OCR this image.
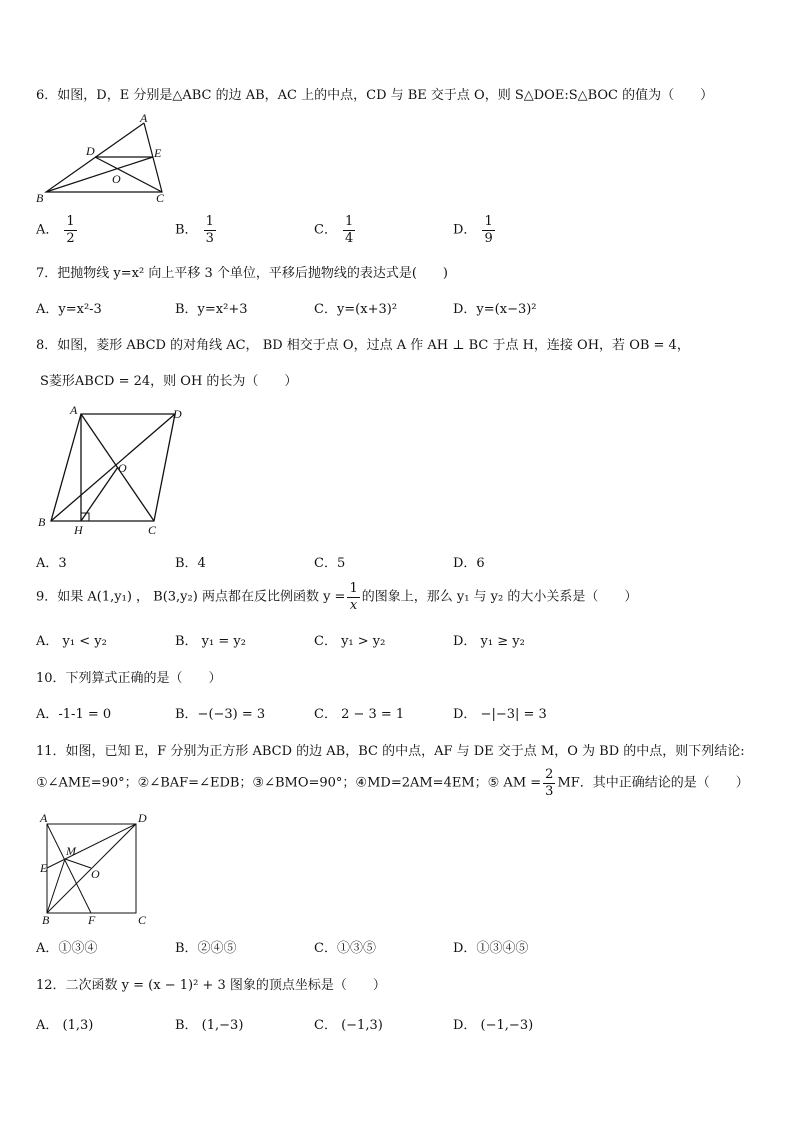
6．如图，D，E 分别是△ABC 的边 AB，AC 上的中点，CD 与 BE 交于点 O，则 S△DOE:S△BOC 的值为（　　）
A
D	E
O
B	C
A． $\frac{1}{2}$	B． $\frac{1}{3}$	C． $\frac{1}{4}$	D． $\frac{1}{9}$
7．把抛物线 y=x² 向上平移 3 个单位，平移后抛物线的表达式是(　　)
A．y=x²-3	B．y=x²+3	C．y=(x+3)²	D．y=(x−3)²
8．如图，菱形 ABCD 的对角线 AC， BD 相交于点 O，过点 A 作 AH ⊥ BC 于点 H，连接 OH，若 OB = 4，
S菱形ABCD = 24，则 OH 的长为（　　）
A	D
O
B
H	C
A．3	B．4	C．5	D．6
9．如果 A(1,y₁) ， B(3,y₂) 两点都在反比例函数 $y = \frac{1}{x}$ 的图象上，那么 y₁ 与 y₂ 的大小关系是（　　）
A． y₁ < y₂	B． y₁ = y₂	C． y₁ > y₂	D． y₁ ≥ y₂
10．下列算式正确的是（　　）
A．-1-1 = 0	B．−(−3) = 3	C． 2 − 3 = 1	D． −|−3| = 3
11．如图，已知 E，F 分别为正方形 ABCD 的边 AB，BC 的中点，AF 与 DE 交于点 M，O 为 BD 的中点，则下列结论:
①∠AME=90°；②∠BAF=∠EDB；③∠BMO=90°；④MD=2AM=4EM；⑤ AM = $\frac{2}{3}$ MF．其中正确结论的是（　　）
A	D
E
M
O
B	F	C
A．①③④	B．②④⑤	C．①③⑤	D．①③④⑤
12．二次函数 y = (x − 1)² + 3 图象的顶点坐标是（　　）
A． (1,3)	B． (1,−3)	C． (−1,3)	D． (−1,−3)
